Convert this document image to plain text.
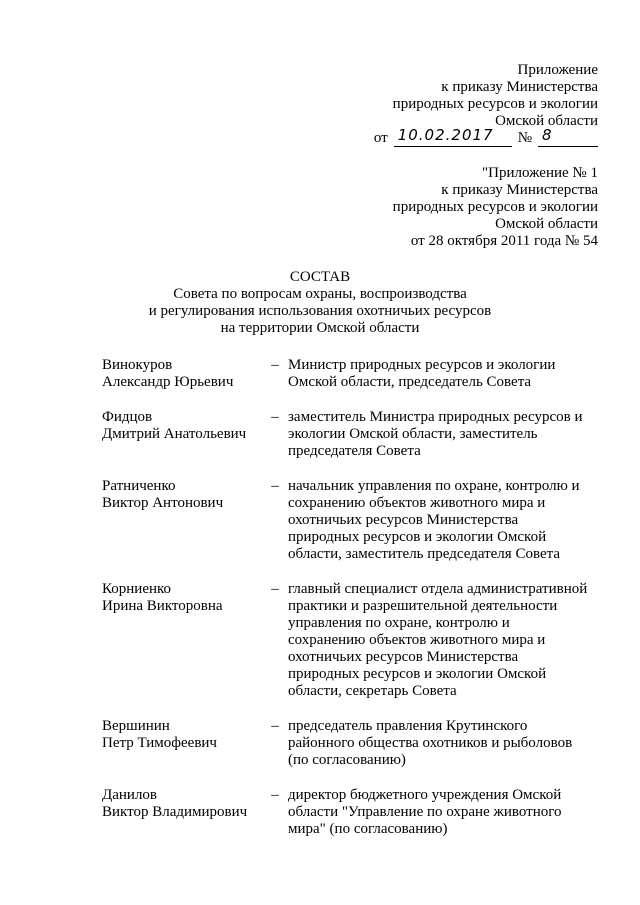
Приложение
к приказу Министерства
природных ресурсов и экологии
Омской области
от 10.02.2017	№ 8
"Приложение № 1
к приказу Министерства
природных ресурсов и экологии
Омской области
от 28 октября 2011 года № 54
СОСТАВ
Совета по вопросам охраны, воспроизводства
и регулирования использования охотничьих ресурсов
на территории Омской области
Винокуров
Александр Юрьевич
– Министр природных ресурсов и экологии
Омской области, председатель Совета
Фидцов
Дмитрий Анатольевич
– заместитель Министра природных ресурсов и
экологии Омской области, заместитель
председателя Совета
Ратниченко
Виктор Антонович
– начальник управления по охране, контролю и
сохранению объектов животного мира и
охотничьих ресурсов Министерства
природных ресурсов и экологии Омской
области, заместитель председателя Совета
Корниенко
Ирина Викторовна
– главный специалист отдела административной
практики и разрешительной деятельности
управления по охране, контролю и
сохранению объектов животного мира и
охотничьих ресурсов Министерства
природных ресурсов и экологии Омской
области, секретарь Совета
Вершинин
Петр Тимофеевич
– председатель правления Крутинского
районного общества охотников и рыболовов
(по согласованию)
Данилов
Виктор Владимирович
– директор бюджетного учреждения Омской
области "Управление по охране животного
мира" (по согласованию)
